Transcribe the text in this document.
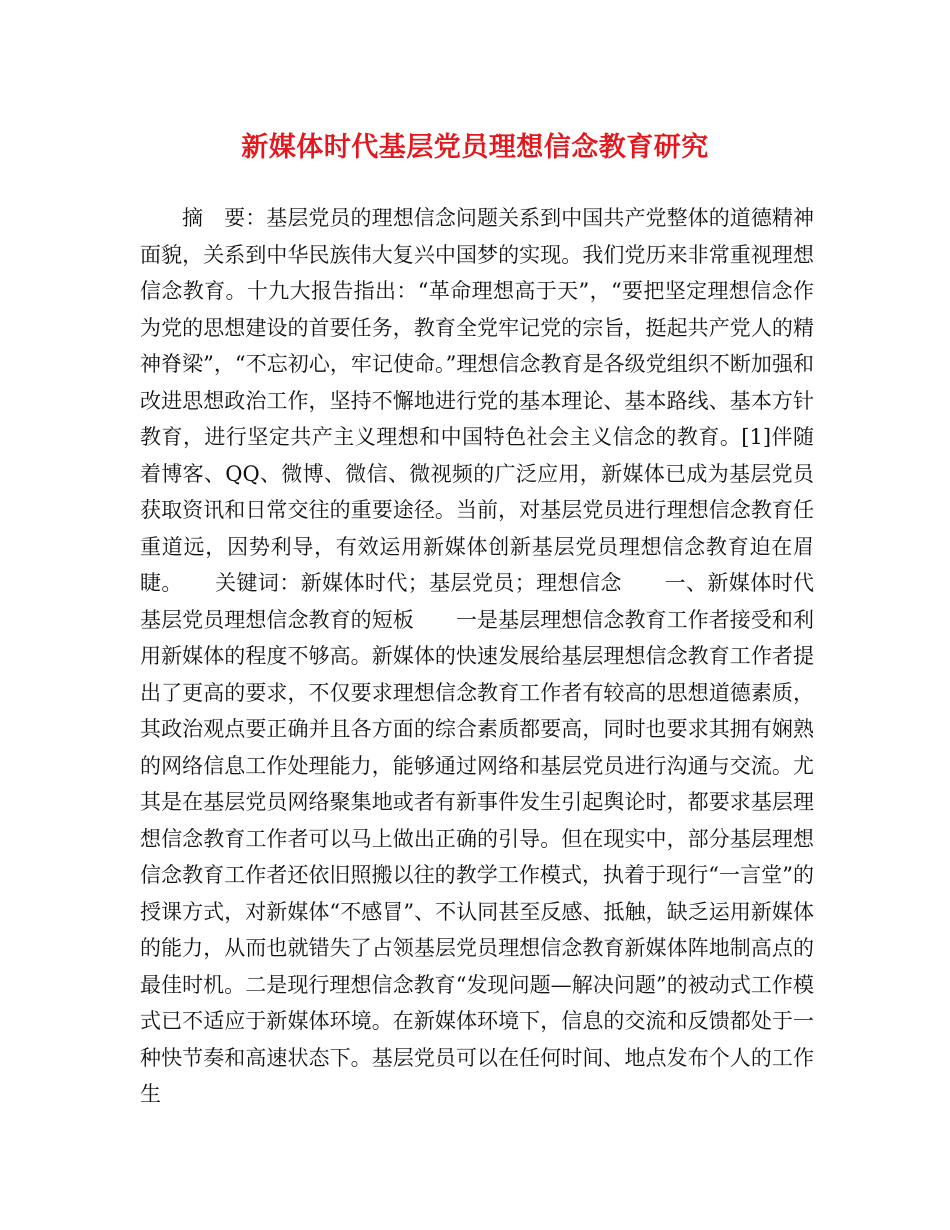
新媒体时代基层党员理想信念教育研究

摘　要：基层党员的理想信念问题关系到中国共产党整体的道德精神面貌，关系到中华民族伟大复兴中国梦的实现。我们党历来非常重视理想信念教育。十九大报告指出：“革命理想高于天”，“要把坚定理想信念作为党的思想建设的首要任务，教育全党牢记党的宗旨，挺起共产党人的精神脊梁”，“不忘初心，牢记使命。”理想信念教育是各级党组织不断加强和改进思想政治工作，坚持不懈地进行党的基本理论、基本路线、基本方针教育，进行坚定共产主义理想和中国特色社会主义信念的教育。[1]伴随着博客、QQ、微博、微信、微视频的广泛应用，新媒体已成为基层党员获取资讯和日常交往的重要途径。当前，对基层党员进行理想信念教育任重道远，因势利导，有效运用新媒体创新基层党员理想信念教育迫在眉睫。　　关键词：新媒体时代；基层党员；理想信念　　一、新媒体时代基层党员理想信念教育的短板　　一是基层理想信念教育工作者接受和利用新媒体的程度不够高。新媒体的快速发展给基层理想信念教育工作者提出了更高的要求，不仅要求理想信念教育工作者有较高的思想道德素质，其政治观点要正确并且各方面的综合素质都要高，同时也要求其拥有娴熟的网络信息工作处理能力，能够通过网络和基层党员进行沟通与交流。尤其是在基层党员网络聚集地或者有新事件发生引起舆论时，都要求基层理想信念教育工作者可以马上做出正确的引导。但在现实中，部分基层理想信念教育工作者还依旧照搬以往的教学工作模式，执着于现行“一言堂”的授课方式，对新媒体“不感冒”、不认同甚至反感、抵触，缺乏运用新媒体的能力，从而也就错失了占领基层党员理想信念教育新媒体阵地制高点的最佳时机。二是现行理想信念教育“发现问题—解决问题”的被动式工作模式已不适应于新媒体环境。在新媒体环境下，信息的交流和反馈都处于一种快节奏和高速状态下。基层党员可以在任何时间、地点发布个人的工作生
